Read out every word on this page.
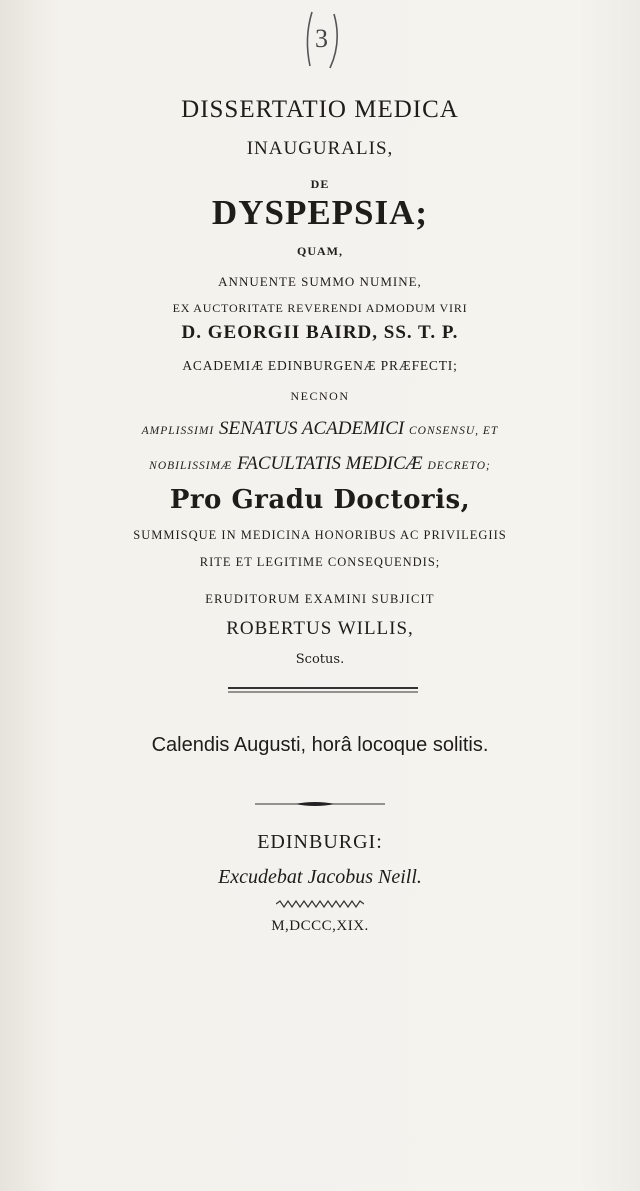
3
DISSERTATIO MEDICA
INAUGURALIS,
DE
DYSPEPSIA;
QUAM,
ANNUENTE SUMMO NUMINE,
EX AUCTORITATE REVERENDI ADMODUM VIRI
D. GEORGII BAIRD, SS. T. P.
ACADEMIÆ EDINBURGENÆ PRÆFECTI;
NECNON
AMPLISSIMI SENATUS ACADEMICI CONSENSU, ET
NOBILISSIMÆ FACULTATIS MEDICÆ DECRETO;
Pro Gradu Doctoris,
SUMMISQUE IN MEDICINA HONORIBUS AC PRIVILEGIIS
RITE ET LEGITIME CONSEQUENDIS;
ERUDITORUM EXAMINI SUBJICIT
ROBERTUS WILLIS,
Scotus.
Calendis Augusti, horâ locoque solitis.
EDINBURGI:
Excudebat Jacobus Neill.
M,DCCC,XIX.
